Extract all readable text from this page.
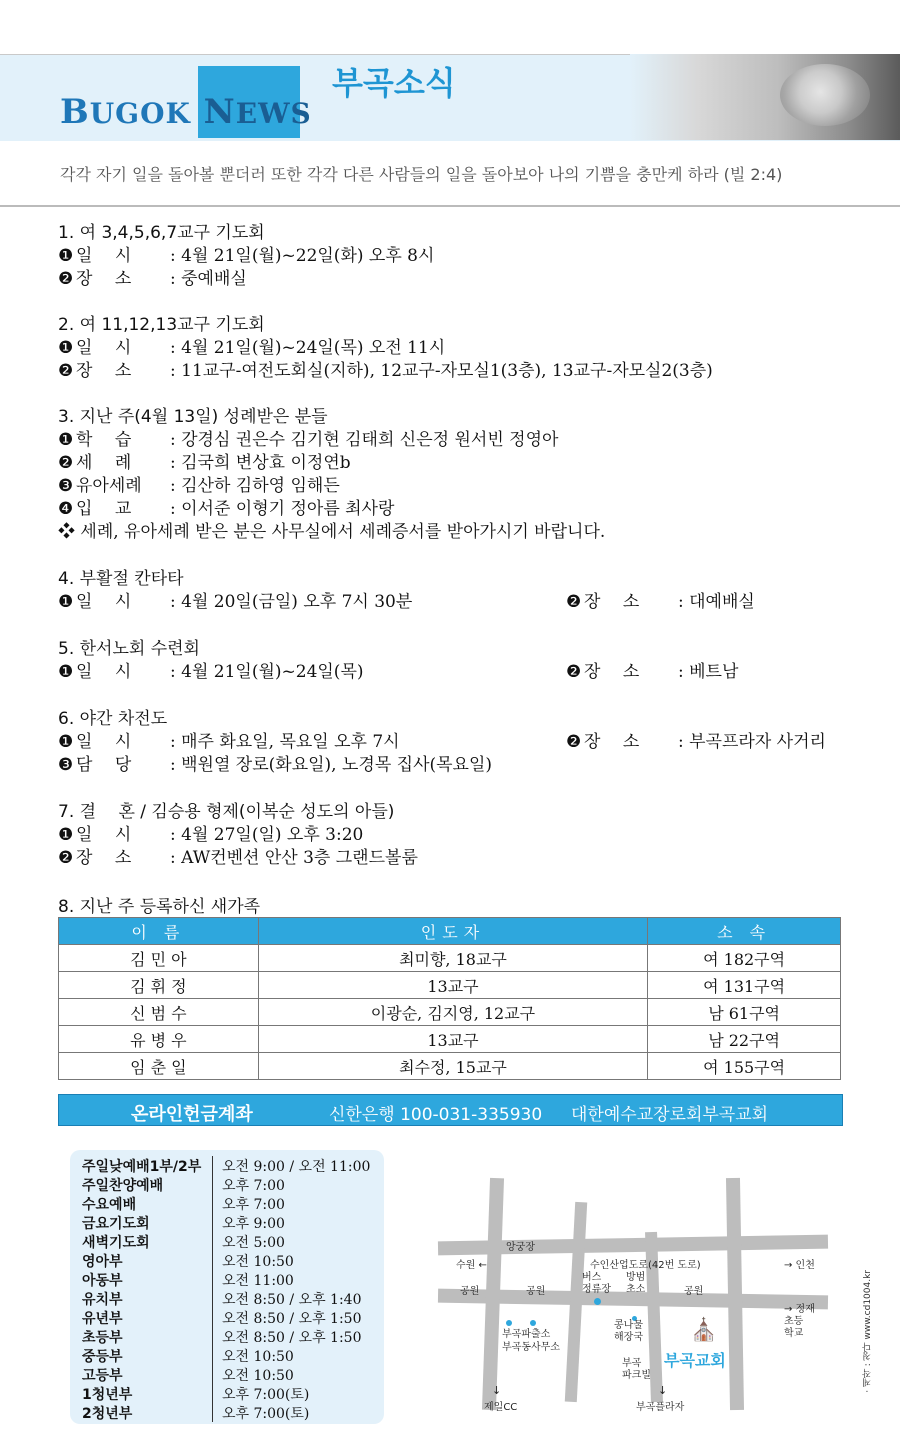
BUGOK NEWS
부곡소식
각각 자기 일을 돌아볼 뿐더러 또한 각각 다른 사람들의 일을 돌아보아 나의 기쁨을 충만케 하라 (빌 2:4)
1. 여 3,4,5,6,7교구 기도회
❶ 일　 시 : 4월 21일(월)~22일(화) 오후 8시
❷ 장　 소 : 중예배실
2. 여 11,12,13교구 기도회
❶ 일　 시 : 4월 21일(월)~24일(목) 오전 11시
❷ 장　 소 : 11교구-여전도회실(지하), 12교구-자모실1(3층), 13교구-자모실2(3층)
3. 지난 주(4월 13일) 성례받은 분들
❶ 학　 습 : 강경심 권은수 김기현 김태희 신은정 원서빈 정영아
❷ 세　 례 : 김국희 변상효 이정연b
❸ 유아세례 : 김산하 김하영 임해든
❹ 입　 교 : 이서준 이형기 정아름 최사랑
❖ 세례, 유아세례 받은 분은 사무실에서 세례증서를 받아가시기 바랍니다.
4. 부활절 칸타타
❶ 일　 시 : 4월 20일(금일) 오후 7시 30분	❷ 장　 소 : 대예배실
5. 한서노회 수련회
❶ 일　 시 : 4월 21일(월)~24일(목)	❷ 장　 소 : 베트남
6. 야간 차전도
❶ 일　 시 : 매주 화요일, 목요일 오후 7시	❷ 장　 소 : 부곡프라자 사거리
❸ 담　 당 : 백원열 장로(화요일), 노경목 집사(목요일)
7. 결　 혼 / 김승용 형제(이복순 성도의 아들)
❶ 일　 시 : 4월 27일(일) 오후 3:20
❷ 장　 소 : AW컨벤션 안산 3층 그랜드볼룸
8. 지난 주 등록하신 새가족
이 름	인도자	소 속
김 민 아	최미향, 18교구	여 182구역
김 휘 정	13교구	여 131구역
신 범 수	이광순, 김지영, 12교구	남 61구역
유 병 우	13교구	남 22구역
임 춘 일	최수정, 15교구	여 155구역
온라인헌금계좌	신한은행 100-031-335930 대한예수교장로회부곡교회
주일낮예배1부/2부 오전 9:00 / 오전 11:00
주일찬양예배	오후 7:00
수요예배	오후 7:00
금요기도회	오후 9:00
새벽기도회	오전 5:00
영아부	오전 10:50
아동부	오전 11:00
유치부	오전 8:50 / 오후 1:40
유년부	오전 8:50 / 오후 1:50
초등부	오전 8:50 / 오후 1:50
중등부	오전 10:50
고등부	오전 10:50
1청년부	오후 7:00(토)
2청년부	오후 7:00(토)
앙궁장
수원 ←	수인산업도로(42번 도로)	→ 인천
공원	공원	공원
버스
정류장
방범
초소
→ 정재
초등
학교
부곡파출소
부곡동사무소
콩나물
해장국 ⛪
부곡교회
부곡
파크빌
↓
제일CC
↓
부곡플라자
· 제작 : 청다 www.cd1004.kr
